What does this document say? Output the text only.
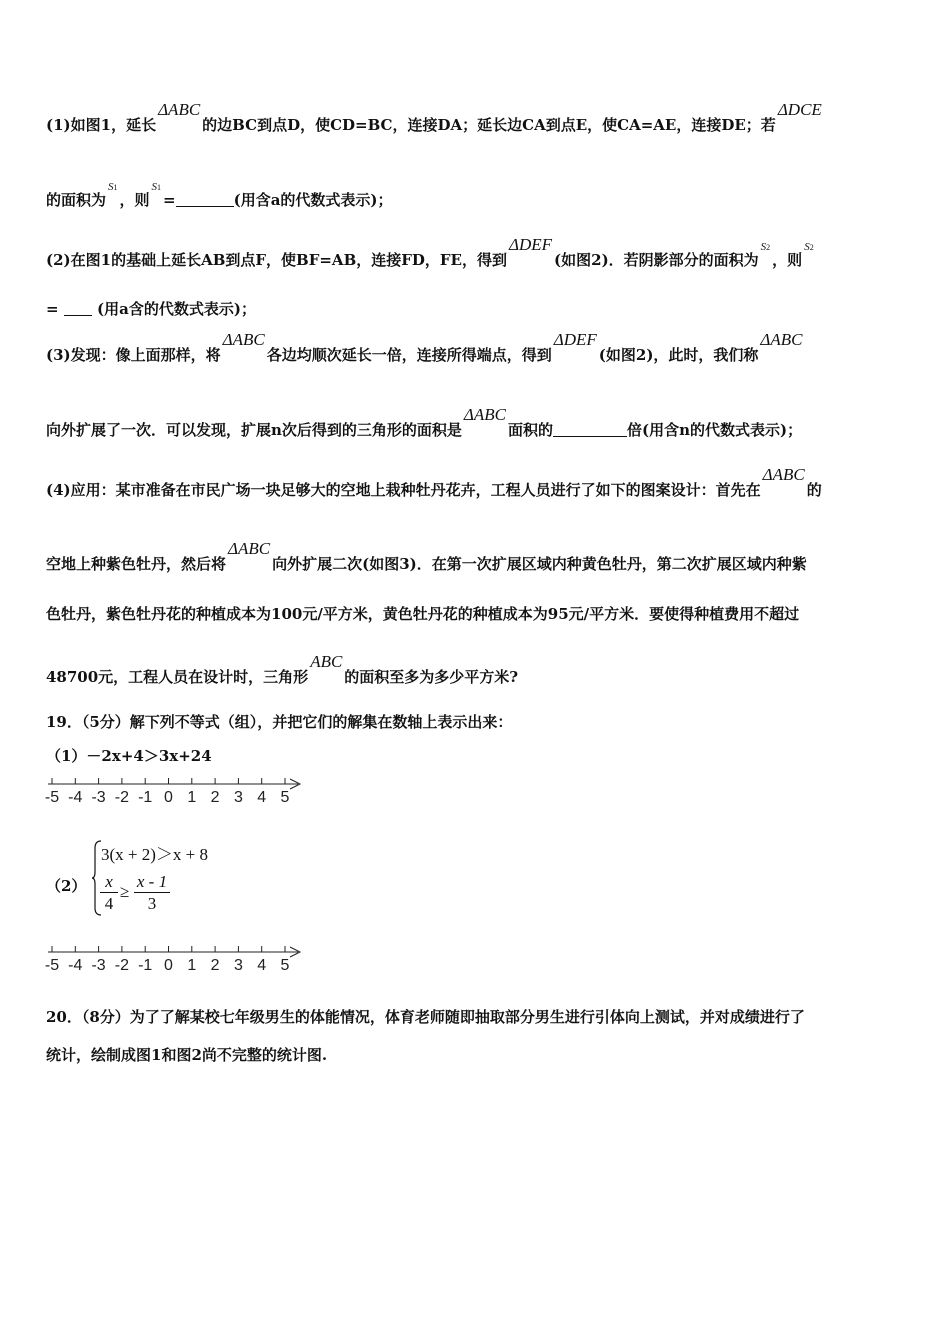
(1)如图1，延长ΔABC的边BC到点D，使CD=BC，连接DA；延长边CA到点E，使CA=AE，连接DE；若ΔDCE
的面积为$^{S1}$，则$^{S1}$=	(用含a的代数式表示)；
(2)在图1的基础上延长AB到点F，使BF=AB，连接FD，FE，得到ΔDEF(如图2)．若阴影部分的面积为$^{S2}$，则$^{S2}$
=	(用a含的代数式表示)；
(3)发现：像上面那样，将ΔABC各边均顺次延长一倍，连接所得端点，得到ΔDEF(如图2)，此时，我们称ΔABC
向外扩展了一次．可以发现，扩展n次后得到的三角形的面积是ΔABC面积的	倍(用含n的代数式表示)；
(4)应用：某市准备在市民广场一块足够大的空地上栽种牡丹花卉，工程人员进行了如下的图案设计：首先在ΔABC的
空地上种紫色牡丹，然后将ΔABC向外扩展二次(如图3)．在第一次扩展区域内种黄色牡丹，第二次扩展区域内种紫
色牡丹，紫色牡丹花的种植成本为100元/平方米，黄色牡丹花的种植成本为95元/平方米．要使得种植费用不超过
48700元，工程人员在设计时，三角形ABC的面积至多为多少平方米?
19．（5分）解下列不等式（组），并把它们的解集在数轴上表示出来：
（1）－2x+4＞3x+24
-5 -4 -3 -2 -1 0 1 2 3 4 5
（2）
3(x + 2)＞x + 8
$\frac{x}{4} \ge \frac{x - 1}{3}$
-5 -4 -3 -2 -1 0 1 2 3 4 5
20．（8分）为了了解某校七年级男生的体能情况，体育老师随即抽取部分男生进行引体向上测试，并对成绩进行了
统计，绘制成图1和图2尚不完整的统计图.
